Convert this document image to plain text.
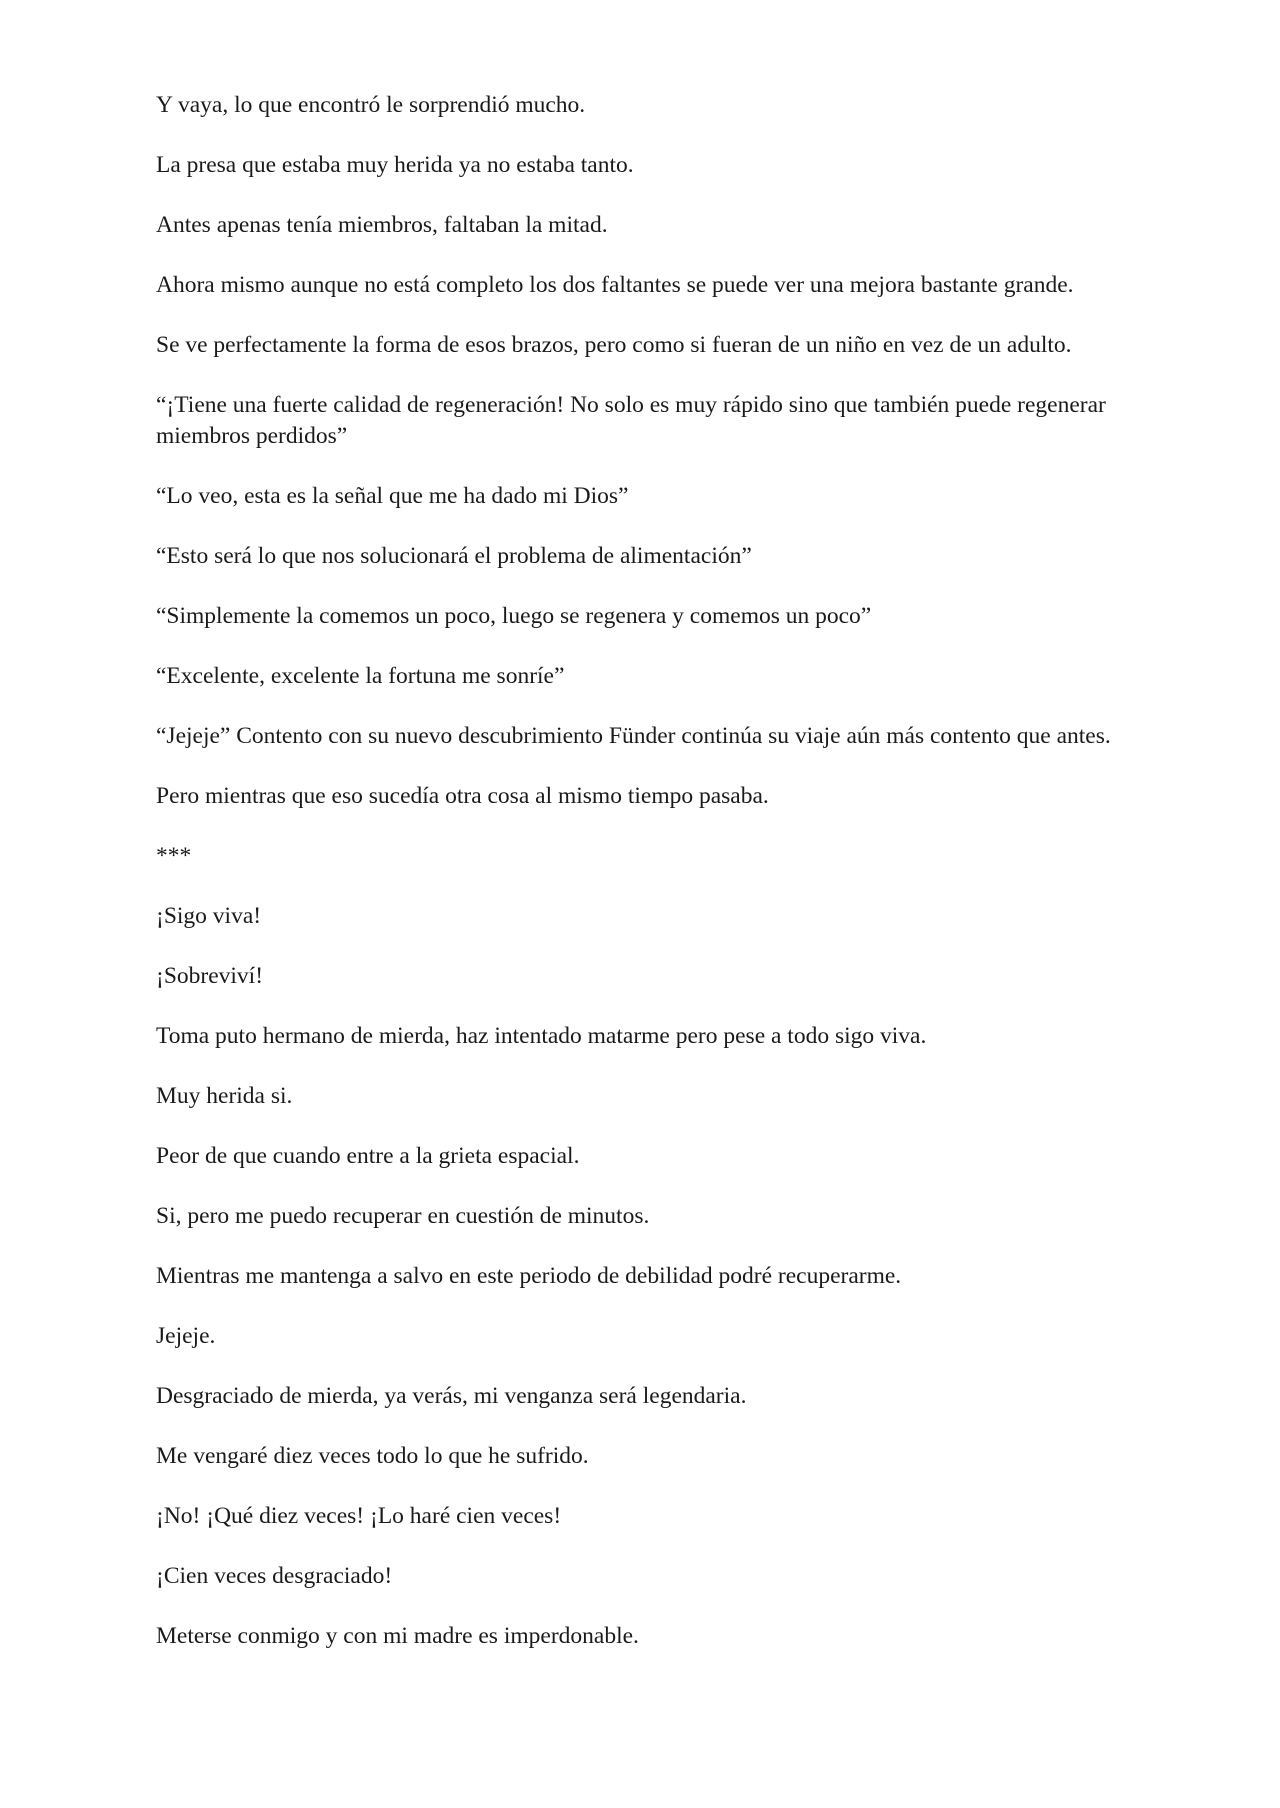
Y vaya, lo que encontró le sorprendió mucho.

La presa que estaba muy herida ya no estaba tanto.

Antes apenas tenía miembros, faltaban la mitad.

Ahora mismo aunque no está completo los dos faltantes se puede ver una mejora bastante grande.

Se ve perfectamente la forma de esos brazos, pero como si fueran de un niño en vez de un adulto.

“¡Tiene una fuerte calidad de regeneración! No solo es muy rápido sino que también puede regenerar miembros perdidos”

“Lo veo, esta es la señal que me ha dado mi Dios”

“Esto será lo que nos solucionará el problema de alimentación”

“Simplemente la comemos un poco, luego se regenera y comemos un poco”

“Excelente, excelente la fortuna me sonríe”

“Jejeje” Contento con su nuevo descubrimiento Fünder continúa su viaje aún más contento que antes.

Pero mientras que eso sucedía otra cosa al mismo tiempo pasaba.

***

¡Sigo viva!

¡Sobreviví!

Toma puto hermano de mierda, haz intentado matarme pero pese a todo sigo viva.

Muy herida si.

Peor de que cuando entre a la grieta espacial.

Si, pero me puedo recuperar en cuestión de minutos.

Mientras me mantenga a salvo en este periodo de debilidad podré recuperarme.

Jejeje.

Desgraciado de mierda, ya verás, mi venganza será legendaria.

Me vengaré diez veces todo lo que he sufrido.

¡No! ¡Qué diez veces! ¡Lo haré cien veces!

¡Cien veces desgraciado!

Meterse conmigo y con mi madre es imperdonable.
